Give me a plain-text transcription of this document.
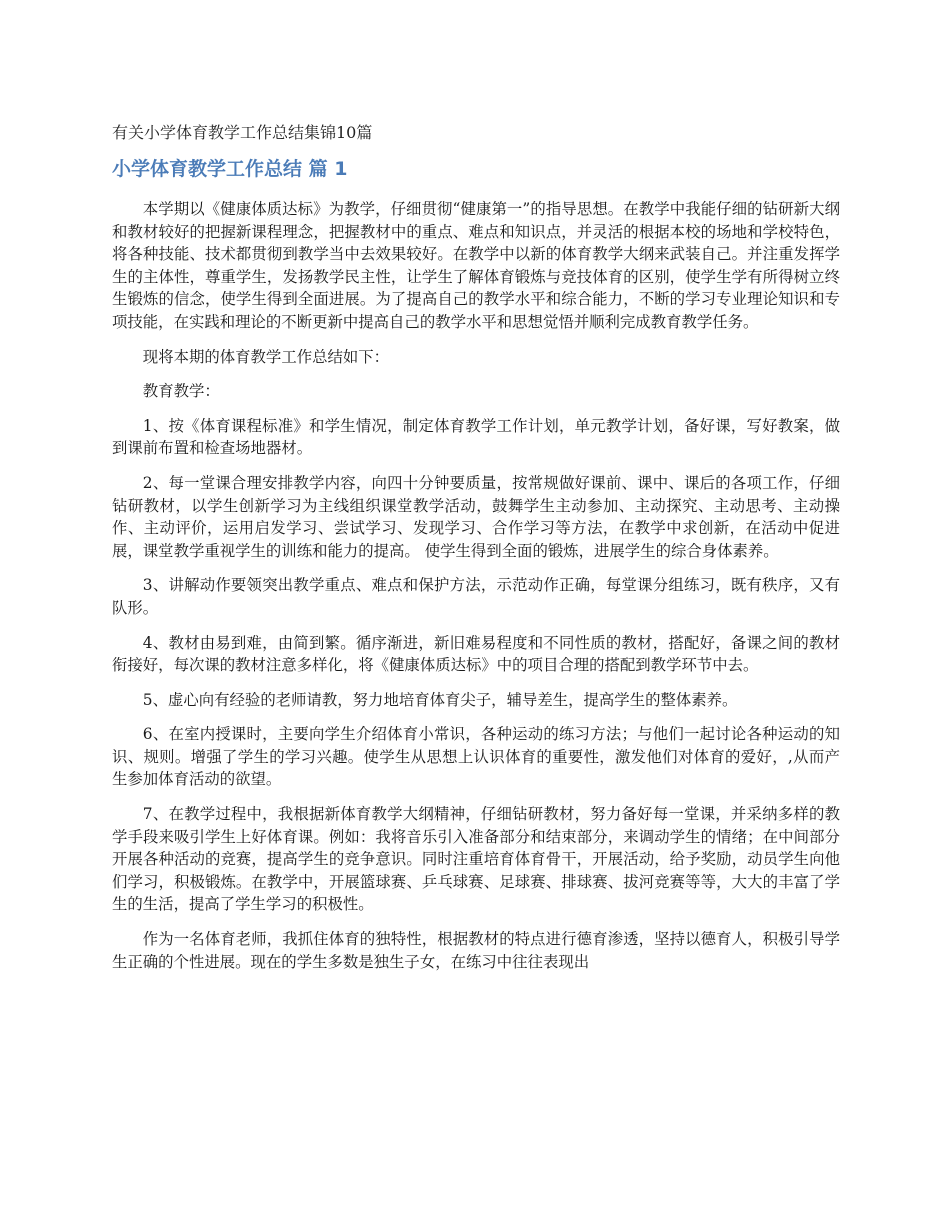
有关小学体育教学工作总结集锦10篇
小学体育教学工作总结 篇 1

本学期以《健康体质达标》为教学，仔细贯彻“健康第一”的指导思想。在教学中我能仔细的钻研新大纲和教材较好的把握新课程理念，把握教材中的重点、难点和知识点，并灵活的根据本校的场地和学校特色，将各种技能、技术都贯彻到教学当中去效果较好。在教学中以新的体育教学大纲来武装自己。并注重发挥学生的主体性，尊重学生，发扬教学民主性，让学生了解体育锻炼与竞技体育的区别，使学生学有所得树立终生锻炼的信念，使学生得到全面进展。为了提高自己的教学水平和综合能力，不断的学习专业理论知识和专项技能，在实践和理论的不断更新中提高自己的教学水平和思想觉悟并顺利完成教育教学任务。

现将本期的体育教学工作总结如下：

教育教学：

1、按《体育课程标准》和学生情况，制定体育教学工作计划，单元教学计划，备好课，写好教案，做到课前布置和检查场地器材。

2、每一堂课合理安排教学内容，向四十分钟要质量，按常规做好课前、课中、课后的各项工作，仔细钻研教材，以学生创新学习为主线组织课堂教学活动，鼓舞学生主动参加、主动探究、主动思考、主动操作、主动评价，运用启发学习、尝试学习、发现学习、合作学习等方法，在教学中求创新，在活动中促进展，课堂教学重视学生的训练和能力的提高。 使学生得到全面的锻炼，进展学生的综合身体素养。

3、讲解动作要领突出教学重点、难点和保护方法，示范动作正确，每堂课分组练习，既有秩序，又有队形。

4、教材由易到难，由简到繁。循序渐进，新旧难易程度和不同性质的教材，搭配好，备课之间的教材衔接好，每次课的教材注意多样化，将《健康体质达标》中的项目合理的搭配到教学环节中去。

5、虚心向有经验的老师请教，努力地培育体育尖子，辅导差生，提高学生的整体素养。

6、在室内授课时，主要向学生介绍体育小常识，各种运动的练习方法；与他们一起讨论各种运动的知识、规则。增强了学生的学习兴趣。使学生从思想上认识体育的重要性，激发他们对体育的爱好，,从而产生参加体育活动的欲望。

7、在教学过程中，我根据新体育教学大纲精神，仔细钻研教材，努力备好每一堂课，并采纳多样的教学手段来吸引学生上好体育课。例如：我将音乐引入准备部分和结束部分，来调动学生的情绪；在中间部分开展各种活动的竞赛，提高学生的竞争意识。同时注重培育体育骨干，开展活动，给予奖励，动员学生向他们学习，积极锻炼。在教学中，开展篮球赛、乒乓球赛、足球赛、排球赛、拔河竞赛等等，大大的丰富了学生的生活，提高了学生学习的积极性。

作为一名体育老师，我抓住体育的独特性，根据教材的特点进行德育渗透，坚持以德育人，积极引导学生正确的个性进展。现在的学生多数是独生子女，在练习中往往表现出
